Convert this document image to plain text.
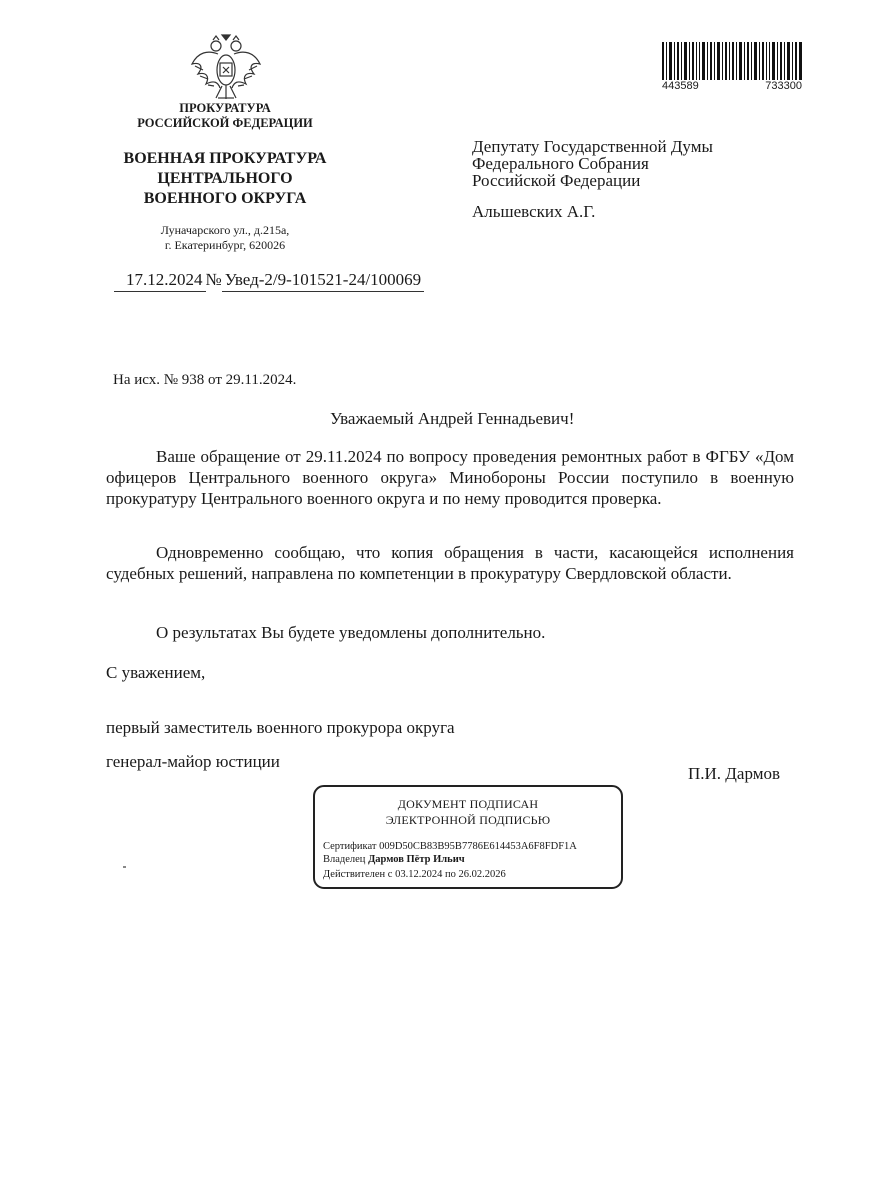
ПРОКУРАТУРА
РОССИЙСКОЙ ФЕДЕРАЦИИ
ВОЕННАЯ ПРОКУРАТУРА
ЦЕНТРАЛЬНОГО
ВОЕННОГО ОКРУГА
Луначарского ул., д.215а,
г. Екатеринбург, 620026
17.12.2024 № Увед-2/9-101521-24/100069
443589	733300
Депутату Государственной Думы
Федерального Собрания
Российской Федерации
Альшевских А.Г.
На исх. № 938 от 29.11.2024.
Уважаемый Андрей Геннадьевич!
Ваше обращение от 29.11.2024 по вопросу проведения ремонтных работ в ФГБУ «Дом офицеров Центрального военного округа» Минобороны России поступило в военную прокуратуру Центрального военного округа и по нему проводится проверка.
Одновременно сообщаю, что копия обращения в части, касающейся исполнения судебных решений, направлена по компетенции в прокуратуру Свердловской области.
О результатах Вы будете уведомлены дополнительно.
С уважением,
первый заместитель военного прокурора округа
генерал-майор юстиции
П.И. Дармов
ДОКУМЕНТ ПОДПИСАН
ЭЛЕКТРОННОЙ ПОДПИСЬЮ
Сертификат 009D50CB83B95B7786E614453A6F8FDF1A
Владелец Дармов Пётр Ильич
Действителен с 03.12.2024 по 26.02.2026
